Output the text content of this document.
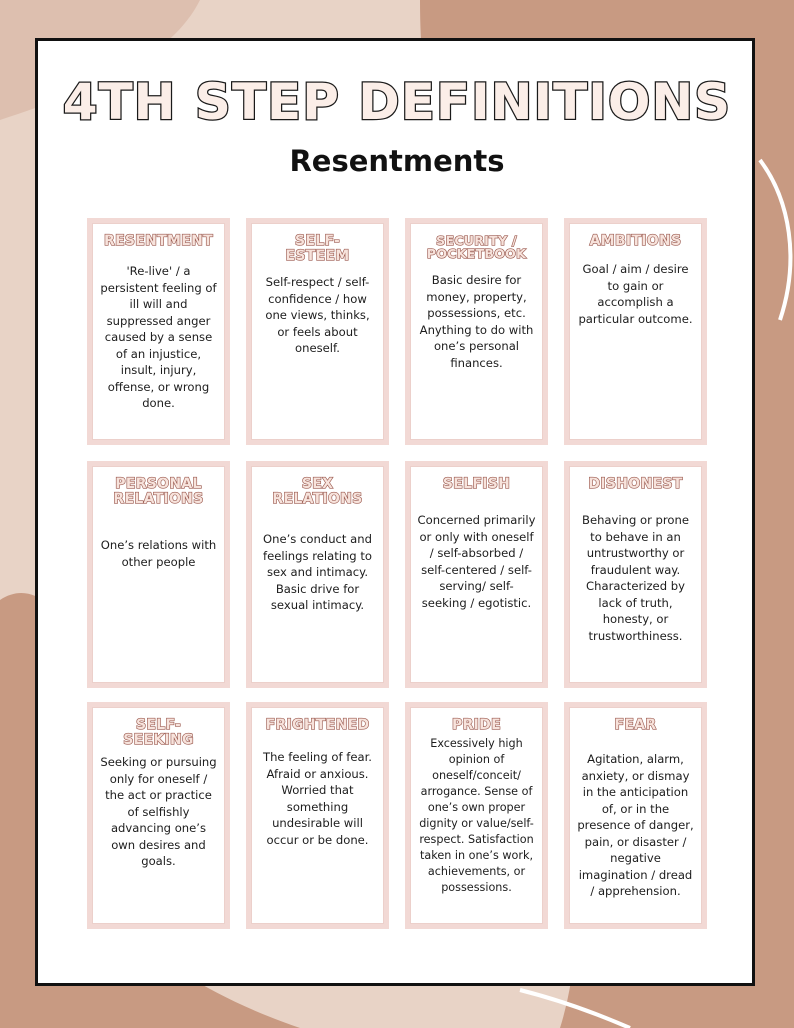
4TH STEP DEFINITIONS
Resentments

RESENTMENT

'Re-live' / a persistent feeling of ill will and suppressed anger caused by a sense of an injustice, insult, injury, offense, or wrong done.

SELF-ESTEEM

Self-respect / self-confidence / how one views, thinks, or feels about oneself.

SECURITY / POCKETBOOK

Basic desire for money, property, possessions, etc. Anything to do with one’s personal finances.

AMBITIONS

Goal / aim / desire to gain or accomplish a particular outcome.

PERSONAL RELATIONS

One’s relations with other people

SEX RELATIONS

One’s conduct and feelings relating to sex and intimacy. Basic drive for sexual intimacy.

SELFISH

Concerned primarily or only with oneself / self-absorbed / self-centered / self-serving/ self-seeking / egotistic.

DISHONEST

Behaving or prone to behave in an untrustworthy or fraudulent way. Characterized by lack of truth, honesty, or trustworthiness.

SELF-SEEKING

Seeking or pursuing only for oneself / the act or practice of selfishly advancing one’s own desires and goals.

FRIGHTENED

The feeling of fear. Afraid or anxious. Worried that something undesirable will occur or be done.

PRIDE

Excessively high opinion of oneself/conceit/ arrogance. Sense of one’s own proper dignity or value/self-respect. Satisfaction taken in one’s work, achievements, or possessions.

FEAR

Agitation, alarm, anxiety, or dismay in the anticipation of, or in the presence of danger, pain, or disaster / negative imagination / dread / apprehension.
